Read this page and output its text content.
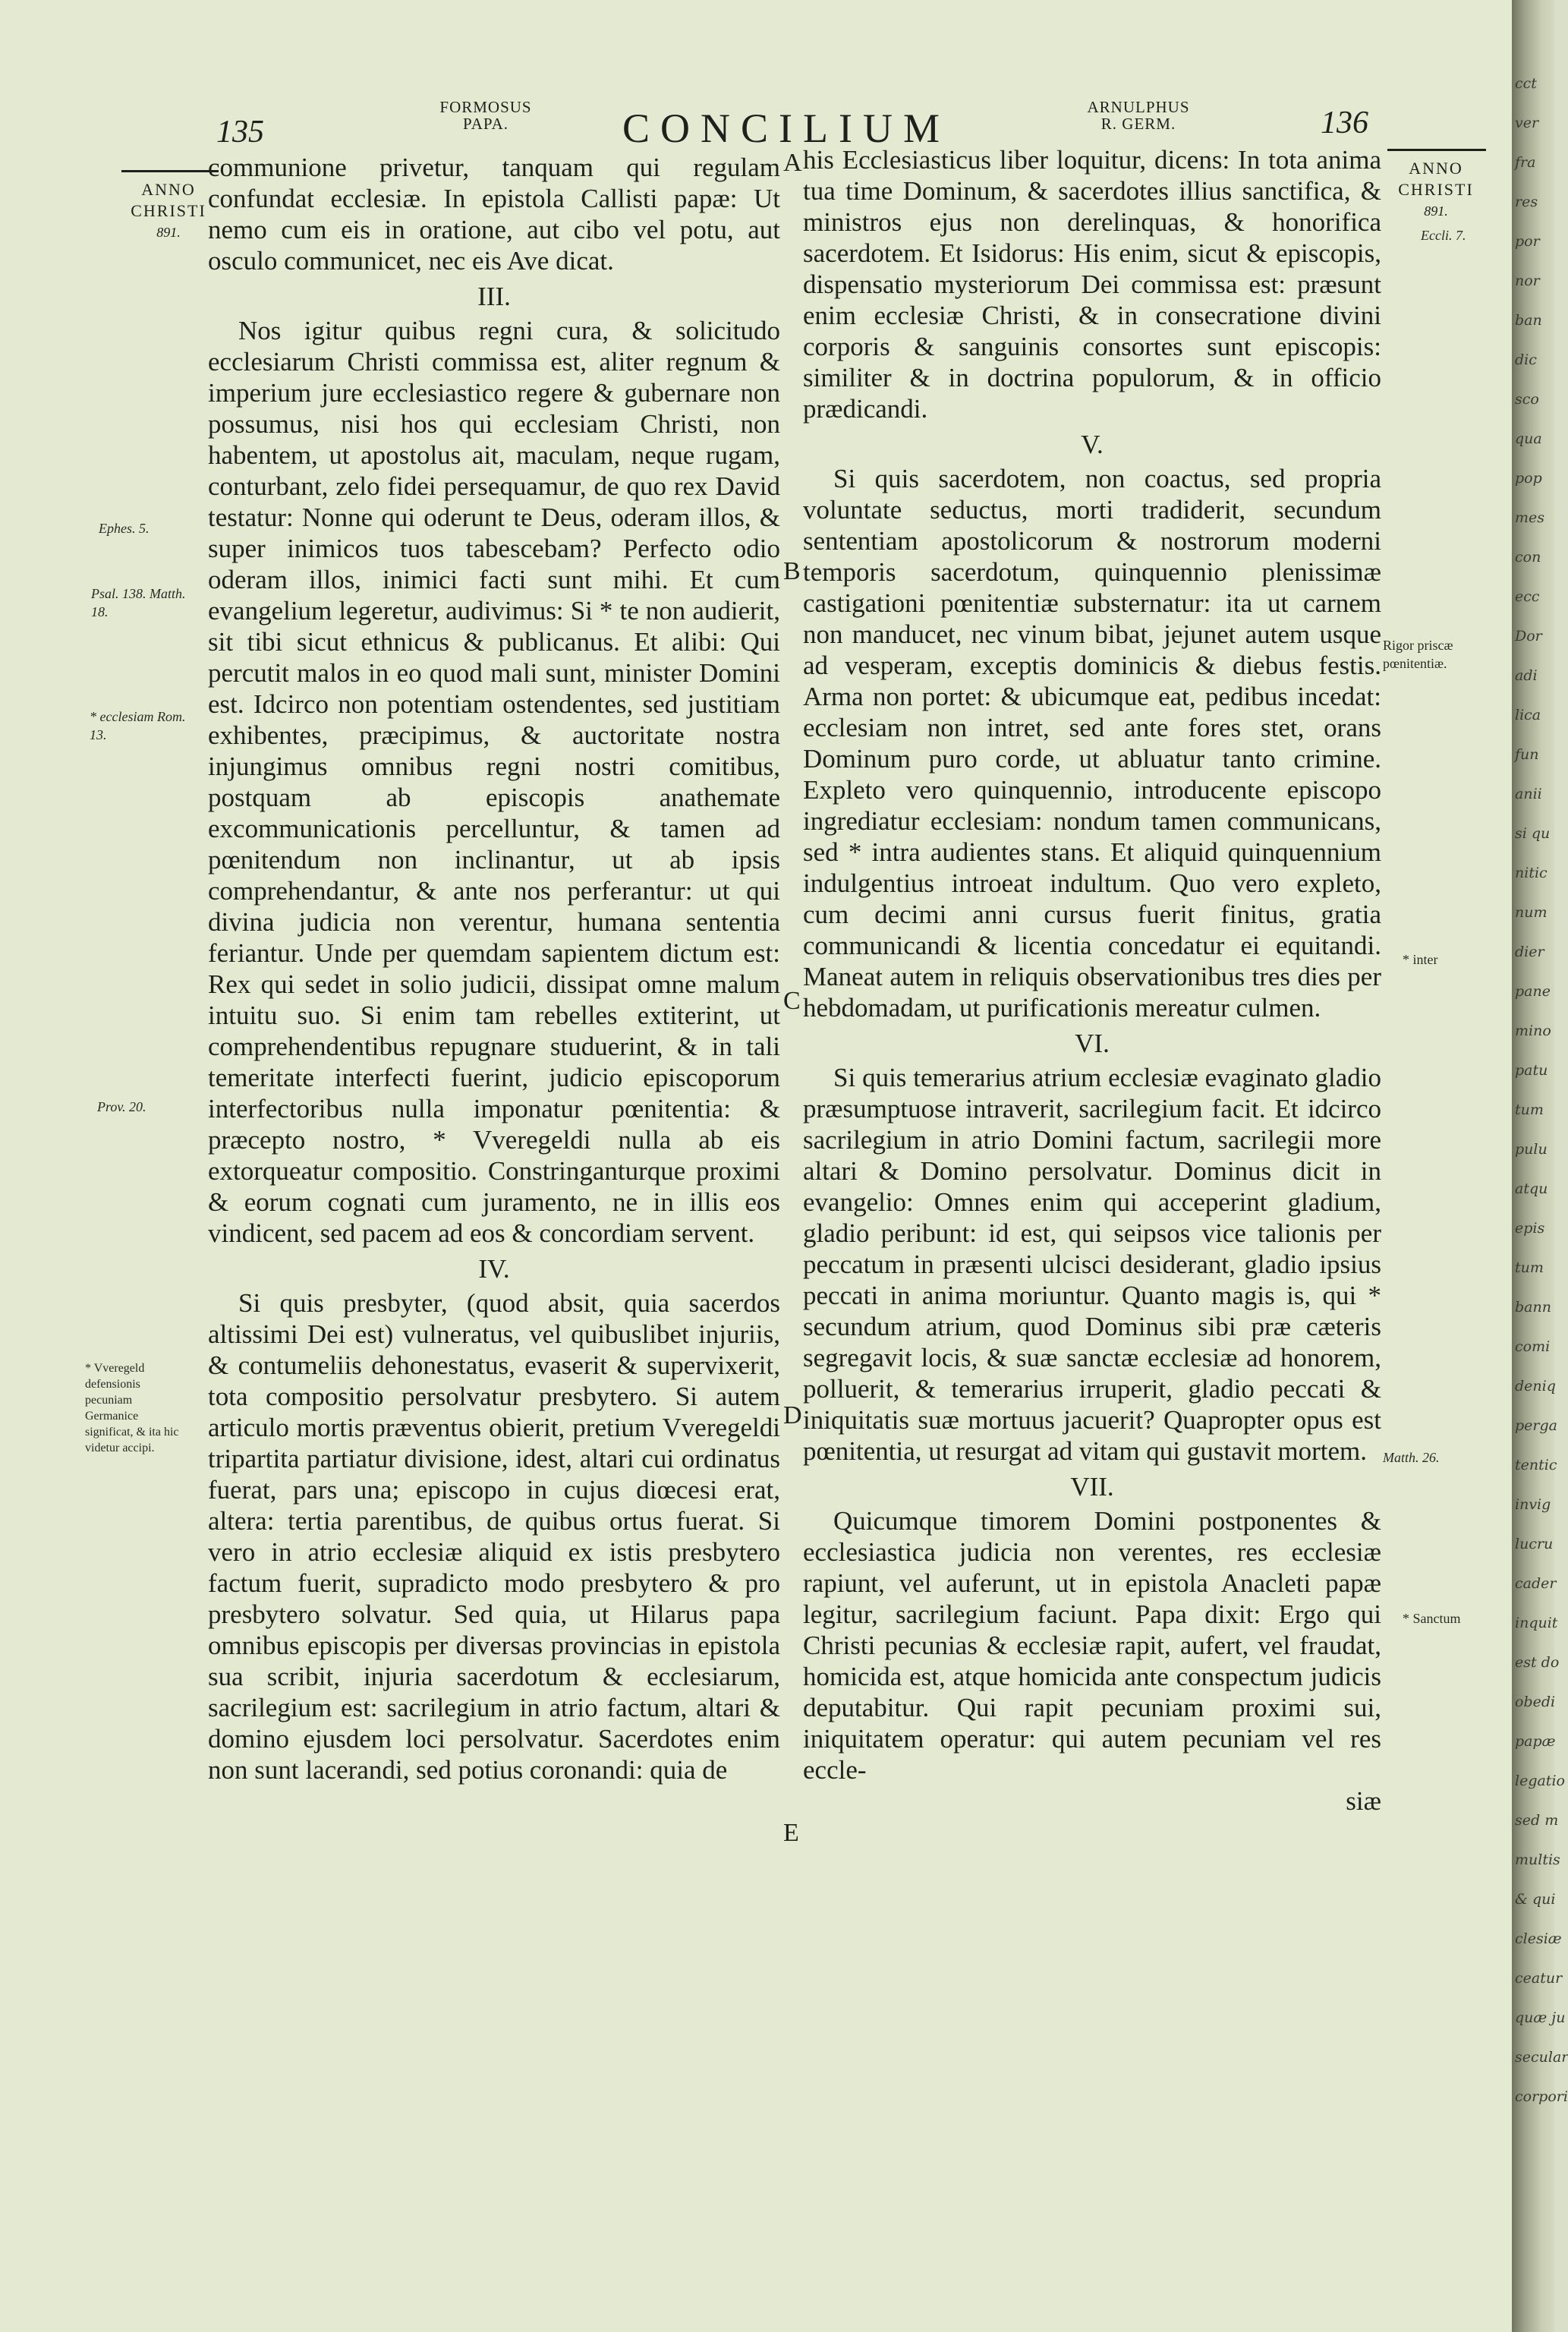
135
FORMOSUS
PAPA.	CONCILIUM	ARNULPHUS
R. GERM.	136
ANNO
CHRISTI
891.
ANNO
CHRISTI
891.

communione privetur, tanquam qui regulam confundat ecclesiæ. In epistola Callisti papæ: Ut nemo cum eis in oratione, aut cibo vel potu, aut osculo communicet, nec eis Ave dicat.

III.

Nos igitur quibus regni cura, & solicitudo ecclesiarum Christi commissa est, aliter regnum & imperium jure ecclesiastico regere & gubernare non possumus, nisi hos qui ecclesiam Christi, non habentem, ut apostolus ait, maculam, neque rugam, conturbant, zelo fidei persequamur, de quo rex David testatur: Nonne qui oderunt te Deus, oderam illos, & super inimicos tuos tabescebam? Perfecto odio oderam illos, inimici facti sunt mihi. Et cum evangelium legeretur, audivimus: Si * te non audierit, sit tibi sicut ethnicus & publicanus. Et alibi: Qui percutit malos in eo quod mali sunt, minister Domini est. Idcirco non potentiam ostendentes, sed justitiam exhibentes, præcipimus, & auctoritate nostra injungimus omnibus regni nostri comitibus, postquam ab episcopis anathemate excommunicationis percelluntur, & tamen ad pœnitendum non inclinantur, ut ab ipsis comprehendantur, & ante nos perferantur: ut qui divina judicia non verentur, humana sententia feriantur. Unde per quemdam sapientem dictum est: Rex qui sedet in solio judicii, dissipat omne malum intuitu suo. Si enim tam rebelles extiterint, ut comprehendentibus repugnare studuerint, & in tali temeritate interfecti fuerint, judicio episcoporum interfectoribus nulla imponatur pœnitentia: & præcepto nostro, * Vveregeldi nulla ab eis extorqueatur compositio. Constringanturque proximi & eorum cognati cum juramento, ne in illis eos vindicent, sed pacem ad eos & concordiam servent.

IV.

Si quis presbyter, (quod absit, quia sacerdos altissimi Dei est) vulneratus, vel quibuslibet injuriis, & contumeliis dehonestatus, evaserit & supervixerit, tota compositio persolvatur presbytero. Si autem articulo mortis præventus obierit, pretium Vveregeldi tripartita partiatur divisione, idest, altari cui ordinatus fuerat, pars una; episcopo in cujus diœcesi erat, altera: tertia parentibus, de quibus ortus fuerat. Si vero in atrio ecclesiæ aliquid ex istis presbytero factum fuerit, supradicto modo presbytero & pro presbytero solvatur. Sed quia, ut Hilarus papa omnibus episcopis per diversas provincias in epistola sua scribit, injuria sacerdotum & ecclesiarum, sacrilegium est: sacrilegium in atrio factum, altari & domino ejusdem loci persolvatur. Sacerdotes enim non sunt lacerandi, sed potius coronandi: quia de

his Ecclesiasticus liber loquitur, dicens: In tota anima tua time Dominum, & sacerdotes illius sanctifica, & ministros ejus non derelinquas, & honorifica sacerdotem. Et Isidorus: His enim, sicut & episcopis, dispensatio mysteriorum Dei commissa est: præsunt enim ecclesiæ Christi, & in consecratione divini corporis & sanguinis consortes sunt episcopis: similiter & in doctrina populorum, & in officio prædicandi.

V.

Si quis sacerdotem, non coactus, sed propria voluntate seductus, morti tradiderit, secundum sententiam apostolicorum & nostrorum moderni temporis sacerdotum, quinquennio plenissimæ castigationi pœnitentiæ substernatur: ita ut carnem non manducet, nec vinum bibat, jejunet autem usque ad vesperam, exceptis dominicis & diebus festis. Arma non portet: & ubicumque eat, pedibus incedat: ecclesiam non intret, sed ante fores stet, orans Dominum puro corde, ut abluatur tanto crimine. Expleto vero quinquennio, introducente episcopo ingrediatur ecclesiam: nondum tamen communicans, sed * intra audientes stans. Et aliquid quinquennium indulgentius introeat indultum. Quo vero expleto, cum decimi anni cursus fuerit finitus, gratia communicandi & licentia concedatur ei equitandi. Maneat autem in reliquis observationibus tres dies per hebdomadam, ut purificationis mereatur culmen.

VI.

Si quis temerarius atrium ecclesiæ evaginato gladio præsumptuose intraverit, sacrilegium facit. Et idcirco sacrilegium in atrio Domini factum, sacrilegii more altari & Domino persolvatur. Dominus dicit in evangelio: Omnes enim qui acceperint gladium, gladio peribunt: id est, qui seipsos vice talionis per peccatum in præsenti ulcisci desiderant, gladio ipsius peccati in anima moriuntur. Quanto magis is, qui * secundum atrium, quod Dominus sibi præ cæteris segregavit locis, & suæ sanctæ ecclesiæ ad honorem, polluerit, & temerarius irruperit, gladio peccati & iniquitatis suæ mortuus jacuerit? Quapropter opus est pœnitentia, ut resurgat ad vitam qui gustavit mortem.

VII.

Quicumque timorem Domini postponentes & ecclesiastica judicia non verentes, res ecclesiæ rapiunt, vel auferunt, ut in epistola Anacleti papæ legitur, sacrilegium faciunt. Papa dixit: Ergo qui Christi pecunias & ecclesiæ rapit, aufert, vel fraudat, homicida est, atque homicida ante conspectum judicis deputabitur. Qui rapit pecuniam proximi sui, iniquitatem operatur: qui autem pecuniam vel res eccle-

siæ

A
B
C
D
E
Ephes. 5.
Psal. 138. Matth. 18.
* ecclesiam Rom. 13.
Prov. 20.
* Vveregeld defensionis pecuniam Germanice significat, & ita hic videtur accipi.
Eccli. 7.
Rigor priscæ pœnitentiæ.
* inter
Matth. 26.
* Sanctum
cct
ver
fra
res
por
nor
ban
dic
sco
qua
pop
mes
con
ecc
Dor
adi
lica
fun
anii
si qu
nitic
num
dier
pane
mino
patu
tum
pulu
atqu
epis
tum
bann
comi
deniq
perga
tentic
invig
lucru
cader
inquit
est do
obedi
papæ
legatio
sed m
multis
& qui
clesiæ
ceatur
quæ ju
secular
corpori
